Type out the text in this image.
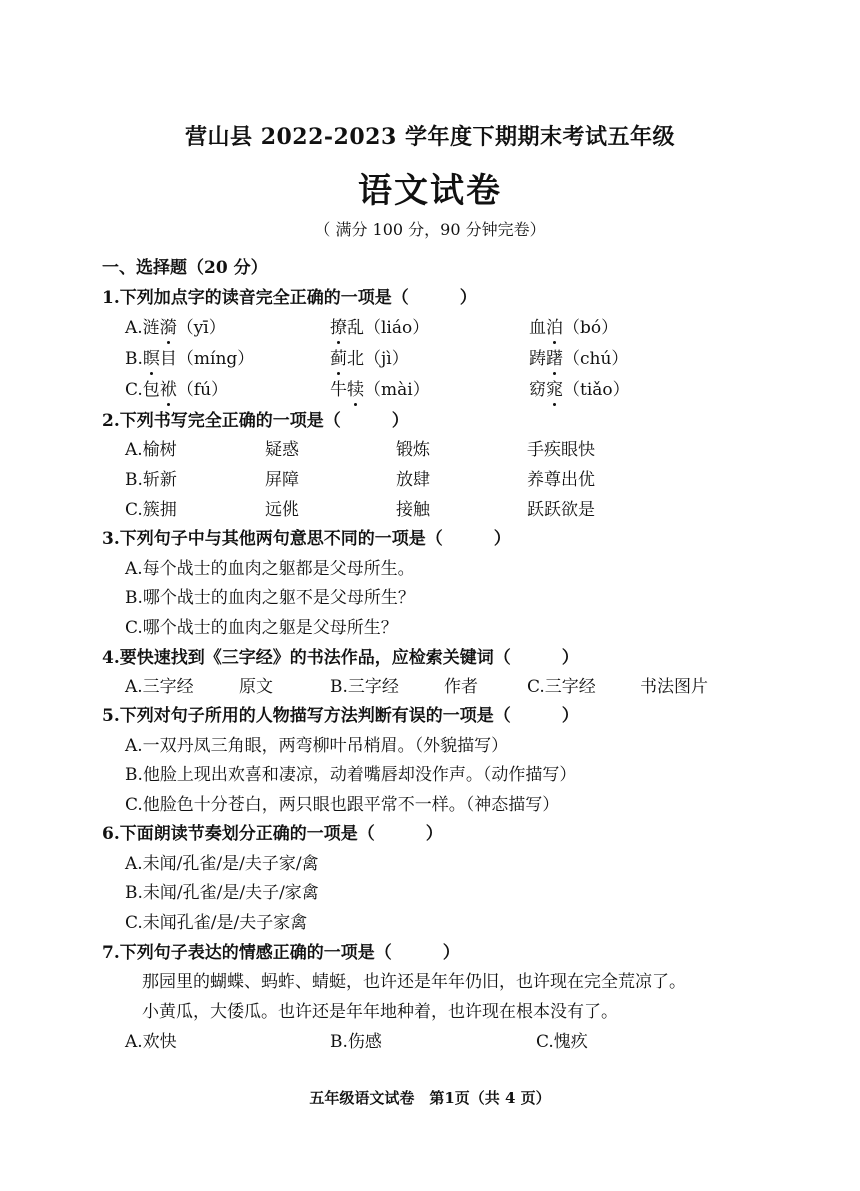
营山县 2022-2023 学年度下期期末考试五年级
语文试卷
（ 满分 100 分，90 分钟完卷）
一、选择题（20 分）
1.下列加点字的读音完全正确的一项是（　　　）
A.涟漪（yī）	撩乱（liáo）	血泊（bó）
B.瞑目（míng）	蓟北（jì）	踌躇（chú）
C.包袱（fú）	牛犊（mài）	窈窕（tiǎo）
2.下列书写完全正确的一项是（　　　）
A.榆树	疑惑	锻炼	手疾眼快
B.斩新	屏障	放肆	养尊出优
C.簇拥	远佻	接触	跃跃欲是
3.下列句子中与其他两句意思不同的一项是（　　　）
A.每个战士的血肉之躯都是父母所生。
B.哪个战士的血肉之躯不是父母所生？
C.哪个战士的血肉之躯是父母所生？
4.要快速找到《三字经》的书法作品，应检索关键词（　　　）
A.三字经	原文	B.三字经	作者	C.三字经	书法图片
5.下列对句子所用的人物描写方法判断有误的一项是（　　　）
A.一双丹凤三角眼，两弯柳叶吊梢眉。（外貌描写）
B.他脸上现出欢喜和凄凉，动着嘴唇却没作声。（动作描写）
C.他脸色十分苍白，两只眼也跟平常不一样。（神态描写）
6.下面朗读节奏划分正确的一项是（　　　）
A.未闻/孔雀/是/夫子家/禽
B.未闻/孔雀/是/夫子/家禽
C.未闻孔雀/是/夫子家禽
7.下列句子表达的情感正确的一项是（　　　）
那园里的蝴蝶、蚂蚱、蜻蜓，也许还是年年仍旧，也许现在完全荒凉了。
小黄瓜，大倭瓜。也许还是年年地种着，也许现在根本没有了。
A.欢快	B.伤感	C.愧疚
五年级语文试卷　第1页（共 4 页）
